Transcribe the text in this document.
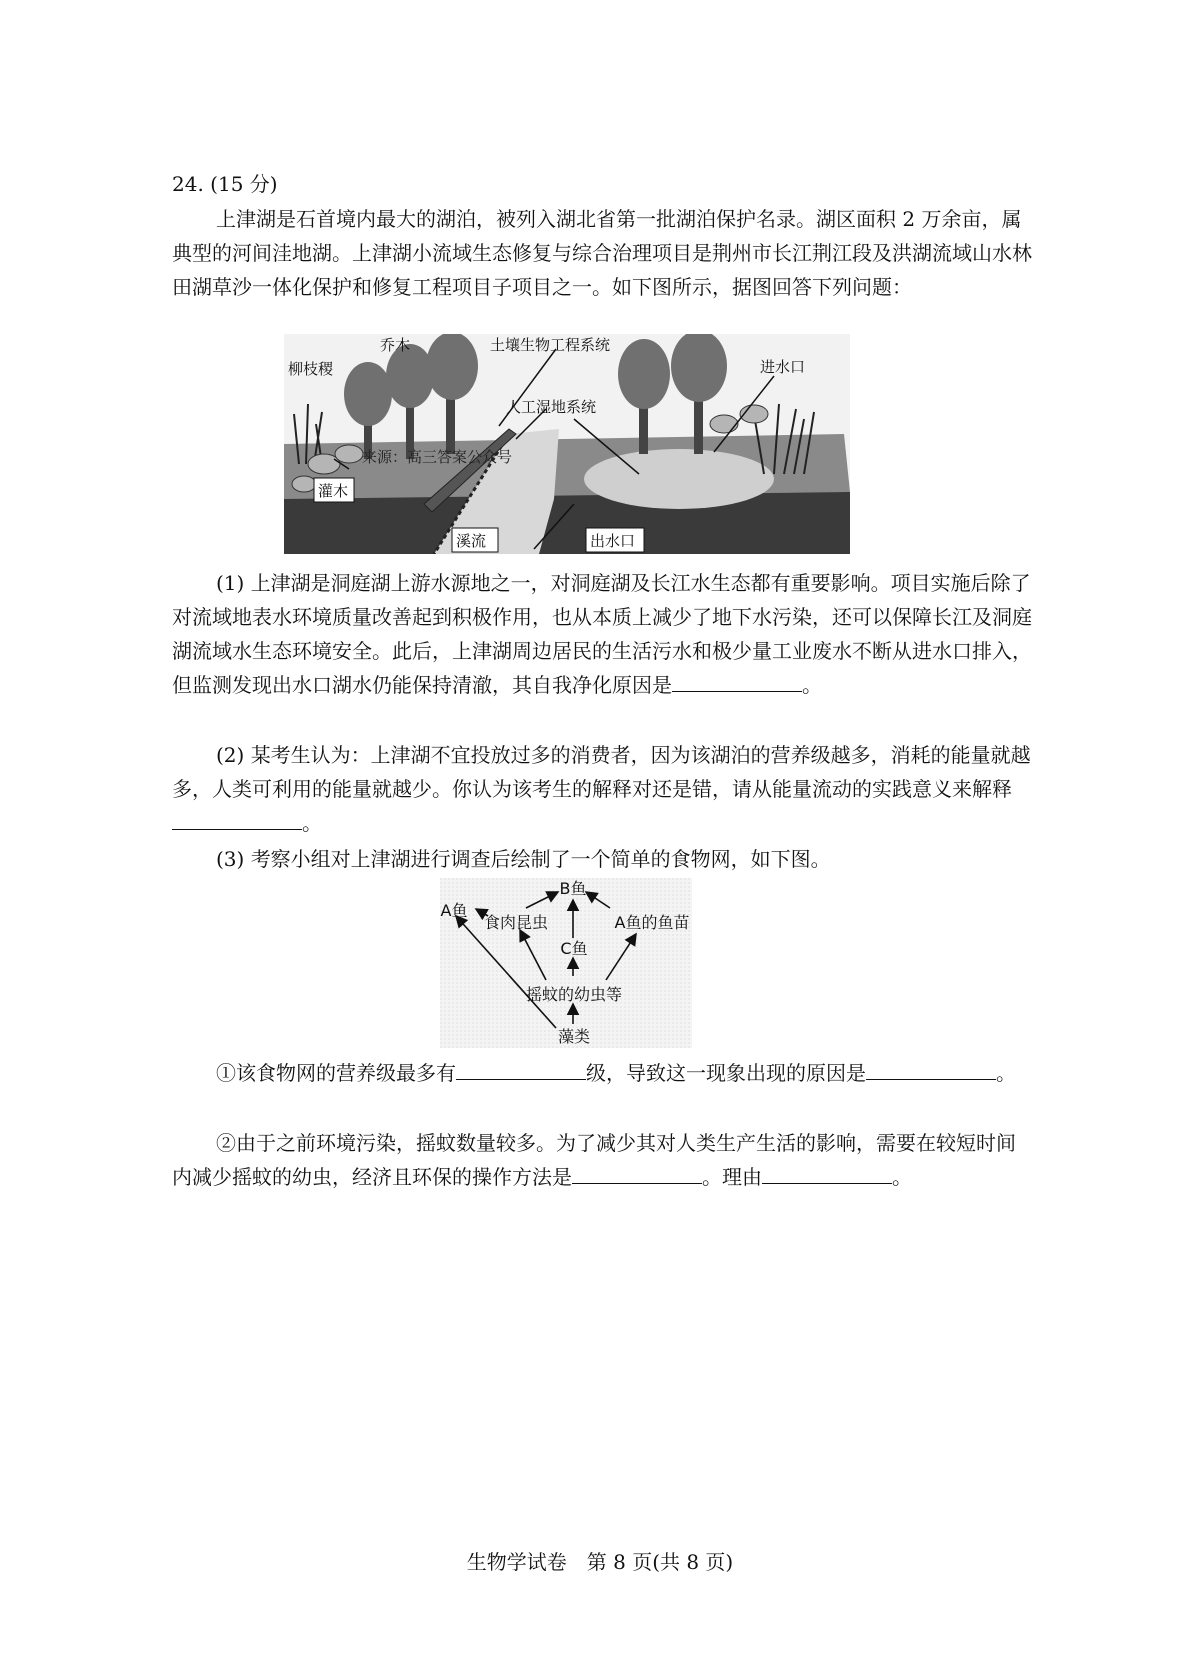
24. (15 分)

上津湖是石首境内最大的湖泊，被列入湖北省第一批湖泊保护名录。湖区面积 2 万余亩，属典型的河间洼地湖。上津湖小流域生态修复与综合治理项目是荆州市长江荆江段及洪湖流域山水林田湖草沙一体化保护和修复工程项目子项目之一。如下图所示，据图回答下列问题：

柳枝稷
乔木	土壤生物工程系统
进水口
人工湿地系统
来源：高三答案公众号
灌木
溪流	出水口

(1) 上津湖是洞庭湖上游水源地之一，对洞庭湖及长江水生态都有重要影响。项目实施后除了对流域地表水环境质量改善起到积极作用，也从本质上减少了地下水污染，还可以保障长江及洞庭湖流域水生态环境安全。此后，上津湖周边居民的生活污水和极少量工业废水不断从进水口排入，但监测发现出水口湖水仍能保持清澈，其自我净化原因是	。

(2) 某考生认为：上津湖不宜投放过多的消费者，因为该湖泊的营养级越多，消耗的能量就越多，人类可利用的能量就越少。你认为该考生的解释对还是错，请从能量流动的实践意义来解释。

(3) 考察小组对上津湖进行调查后绘制了一个简单的食物网，如下图。

B鱼
A鱼
食肉昆虫	A鱼的鱼苗
C鱼
摇蚊的幼虫等
藻类

①该食物网的营养级最多有	级，导致这一现象出现的原因是	。

②由于之前环境污染，摇蚊数量较多。为了减少其对人类生产生活的影响，需要在较短时间内减少摇蚊的幼虫，经济且环保的操作方法是	。理由	。

生物学试卷　第 8 页(共 8 页)
